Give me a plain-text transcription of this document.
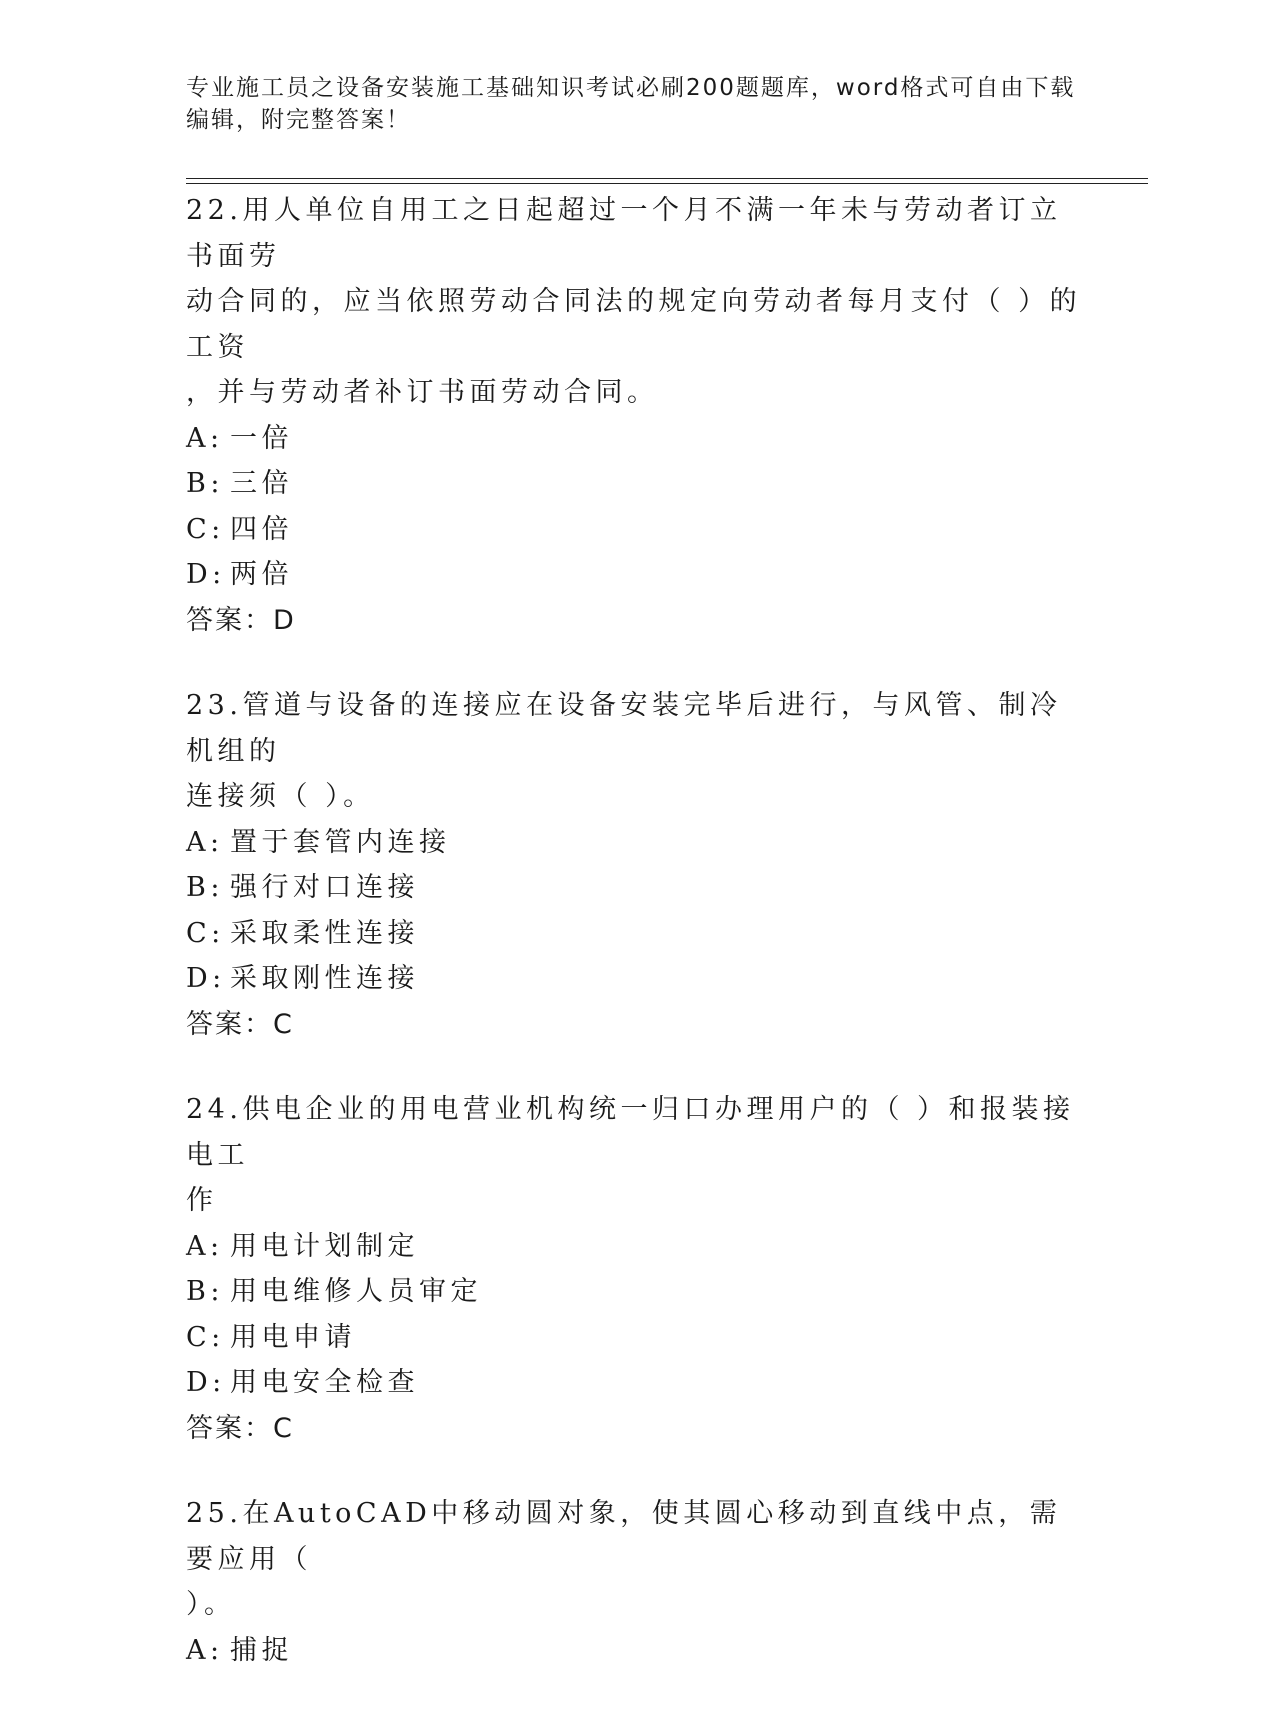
专业施工员之设备安装施工基础知识考试必刷200题题库，word格式可自由下载
编辑，附完整答案！
22.用人单位自用工之日起超过一个月不满一年未与劳动者订立书面劳
动合同的，应当依照劳动合同法的规定向劳动者每月支付（ ）的工资
，并与劳动者补订书面劳动合同。
A: 一倍
B: 三倍
C: 四倍
D: 两倍
答案：D
23.管道与设备的连接应在设备安装完毕后进行，与风管、制冷机组的
连接须（ ）。
A: 置于套管内连接
B: 强行对口连接
C: 采取柔性连接
D: 采取刚性连接
答案：C
24.供电企业的用电营业机构统一归口办理用户的（ ）和报装接电工
作
A: 用电计划制定
B: 用电维修人员审定
C: 用电申请
D: 用电安全检查
答案：C
25.在AutoCAD中移动圆对象，使其圆心移动到直线中点，需要应用（
）。
A: 捕捉
